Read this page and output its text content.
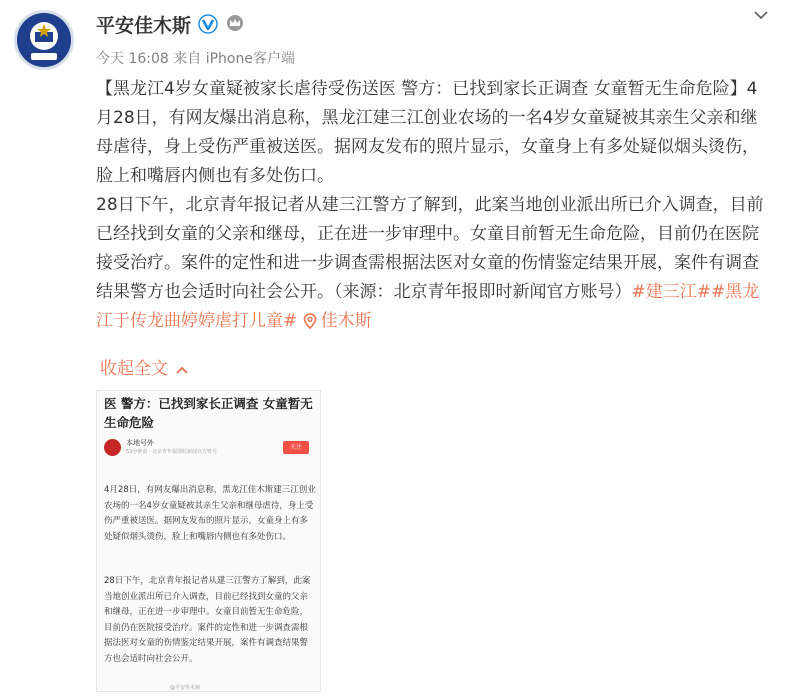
平安佳木斯
今天 16:08 来自 iPhone客户端

【黑龙江4岁女童疑被家长虐待受伤送医 警方：已找到家长正调查 女童暂无生命危险】4月28日，有网友爆出消息称，黑龙江建三江创业农场的一名4岁女童疑被其亲生父亲和继母虐待，身上受伤严重被送医。据网友发布的照片显示，女童身上有多处疑似烟头烫伤，脸上和嘴唇内侧也有多处伤口。

28日下午，北京青年报记者从建三江警方了解到，此案当地创业派出所已介入调查，目前已经找到女童的父亲和继母，正在进一步审理中。女童目前暂无生命危险，目前仍在医院接受治疗。案件的定性和进一步调查需根据法医对女童的伤情鉴定结果开展，案件有调查结果警方也会适时向社会公开。（来源：北京青年报即时新闻官方账号）#建三江##黑龙江于传龙曲婷婷虐打儿童# 佳木斯

收起全文
医 警方：已找到家长正调查 女童暂无生命危险
本地号外
53分钟前 · 北京青年报即时新闻官方账号
关注
4月28日，有网友爆出消息称，黑龙江佳木斯建三江创业农场的一名4岁女童疑被其亲生父亲和继母虐待，身上受伤严重被送医。据网友发布的照片显示，女童身上有多处疑似烟头烫伤，脸上和嘴唇内侧也有多处伤口。
28日下午，北京青年报记者从建三江警方了解到，此案当地创业派出所已介入调查，目前已经找到女童的父亲和继母，正在进一步审理中。女童目前暂无生命危险，目前仍在医院接受治疗。案件的定性和进一步调查需根据法医对女童的伤情鉴定结果开展，案件有调查结果警方也会适时向社会公开。
@平安佳木斯
